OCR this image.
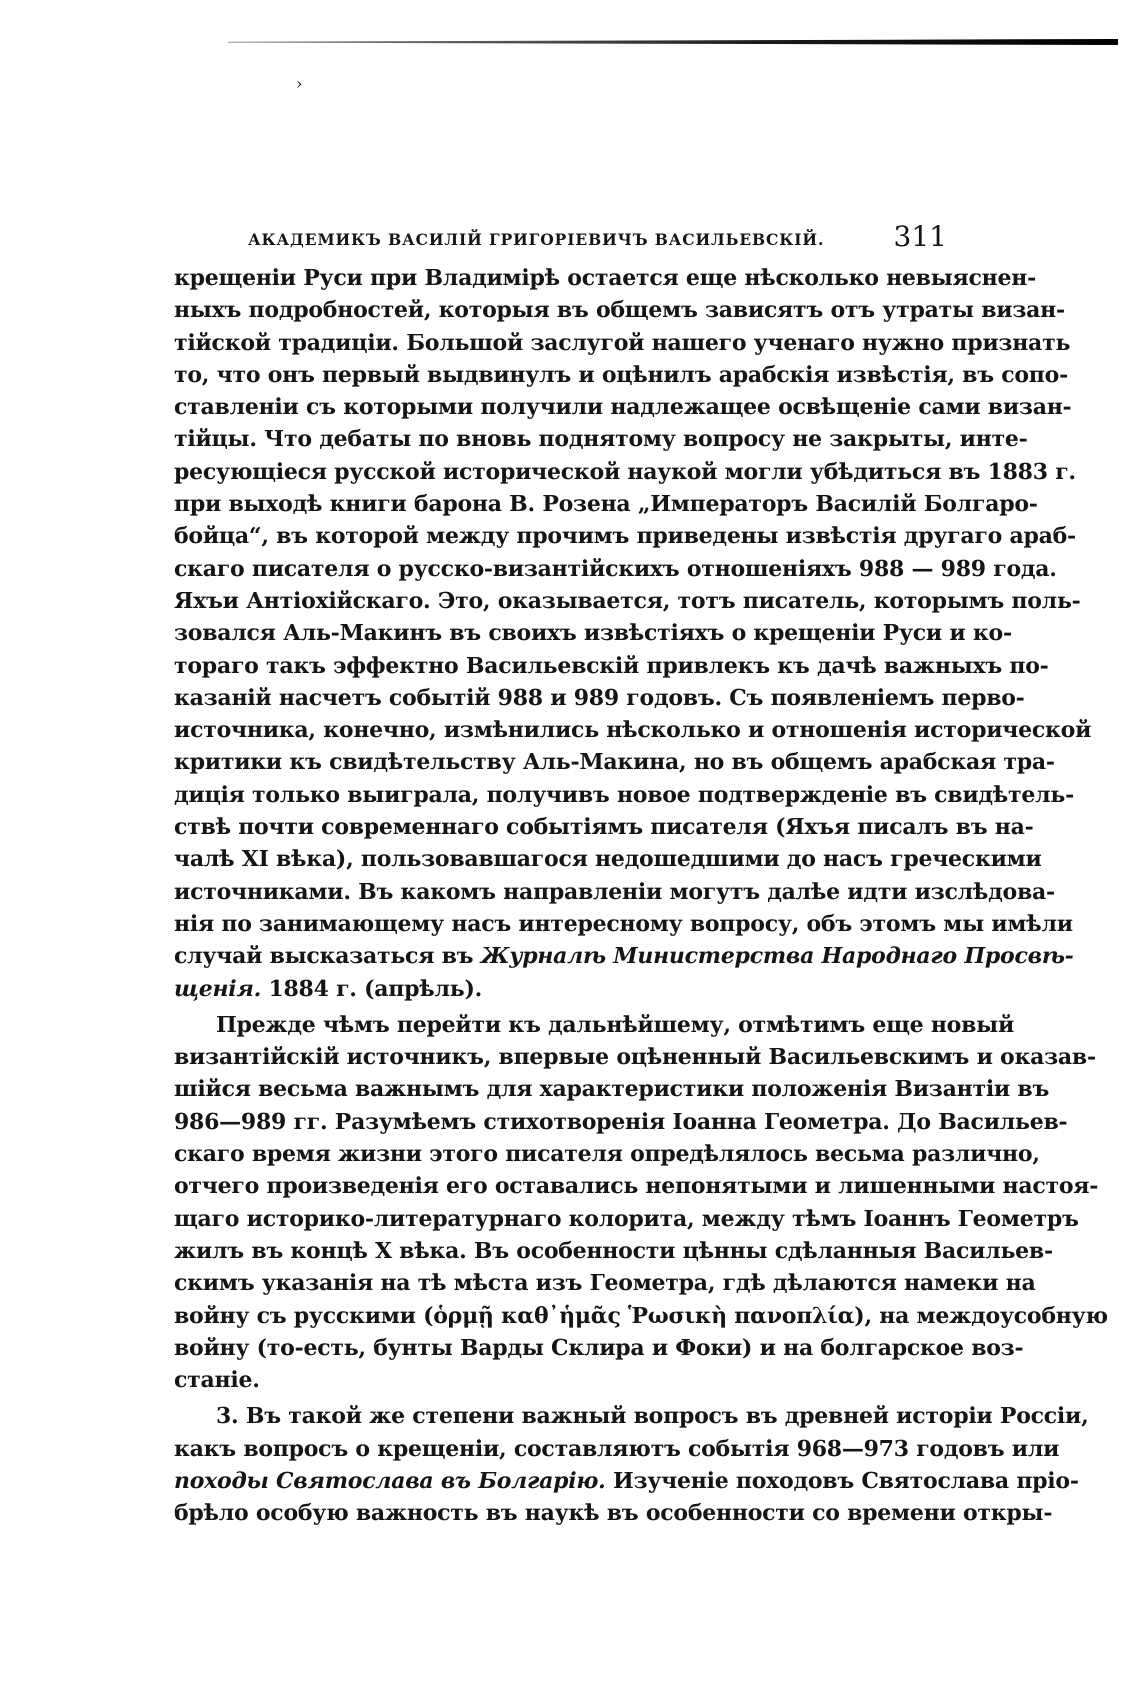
›
АКАДЕМИКЪ ВАСИЛІЙ ГРИГОРІЕВИЧЪ ВАСИЛЬЕВСКІЙ. 311
крещеніи Руси при Владимірѣ остается еще нѣсколько невыяснен-
ныхъ подробностей, которыя въ общемъ зависятъ отъ утраты визан-
тійской традиціи. Большой заслугой нашего ученаго нужно признать
то, что онъ первый выдвинулъ и оцѣнилъ арабскія извѣстія, въ сопо-
ставленіи съ которыми получили надлежащее освѣщеніе сами визан-
тійцы. Что дебаты по вновь поднятому вопросу не закрыты, инте-
ресующіеся русской исторической наукой могли убѣдиться въ 1883 г.
при выходѣ книги барона В. Розена „Императоръ Василій Болгаро-
бойца“, въ которой между прочимъ приведены извѣстія другаго араб-
скаго писателя о русско-византійскихъ отношеніяхъ 988 — 989 года.
Яхъи Антіохійскаго. Это, оказывается, тотъ писатель, которымъ поль-
зовался Аль-Макинъ въ своихъ извѣстіяхъ о крещеніи Руси и ко-
тораго такъ эффектно Васильевскій привлекъ къ дачѣ важныхъ по-
казаній насчетъ событій 988 и 989 годовъ. Съ появленіемъ перво-
источника, конечно, измѣнились нѣсколько и отношенія исторической
критики къ свидѣтельству Аль-Макина, но въ общемъ арабская тра-
диція только выиграла, получивъ новое подтвержденіе въ свидѣтель-
ствѣ почти современнаго событіямъ писателя (Яхъя писалъ въ на-
чалѣ XI вѣка), пользовавшагося недошедшими до насъ греческими
источниками. Въ какомъ направленіи могутъ далѣе идти изслѣдова-
нія по занимающему насъ интересному вопросу, объ этомъ мы имѣли
случай высказаться въ Журналѣ Министерства Народнаго Просвѣ-
щенія. 1884 г. (апрѣль).
Прежде чѣмъ перейти къ дальнѣйшему, отмѣтимъ еще новый
византійскій источникъ, впервые оцѣненный Васильевскимъ и оказав-
шійся весьма важнымъ для характеристики положенія Византіи въ
986—989 гг. Разумѣемъ стихотворенія Іоанна Геометра. До Васильев-
скаго время жизни этого писателя опредѣлялось весьма различно,
отчего произведенія его оставались непонятыми и лишенными настоя-
щаго историко-литературнаго колорита, между тѣмъ Іоаннъ Геометръ
жилъ въ концѣ X вѣка. Въ особенности цѣнны сдѣланныя Васильев-
скимъ указанія на тѣ мѣста изъ Геометра, гдѣ дѣлаются намеки на
войну съ русскими (ὁρμῇ καθ᾽ἡμᾶς Ῥωσικὴ πανοπλία), на междоусобную
войну (то-есть, бунты Варды Склира и Фоки) и на болгарское воз-
станіе.
3. Въ такой же степени важный вопросъ въ древней исторіи Россіи,
какъ вопросъ о крещеніи, составляютъ событія 968—973 годовъ или
походы Святослава въ Болгарію. Изученіе походовъ Святослава пріо-
брѣло особую важность въ наукѣ въ особенности со времени откры-
